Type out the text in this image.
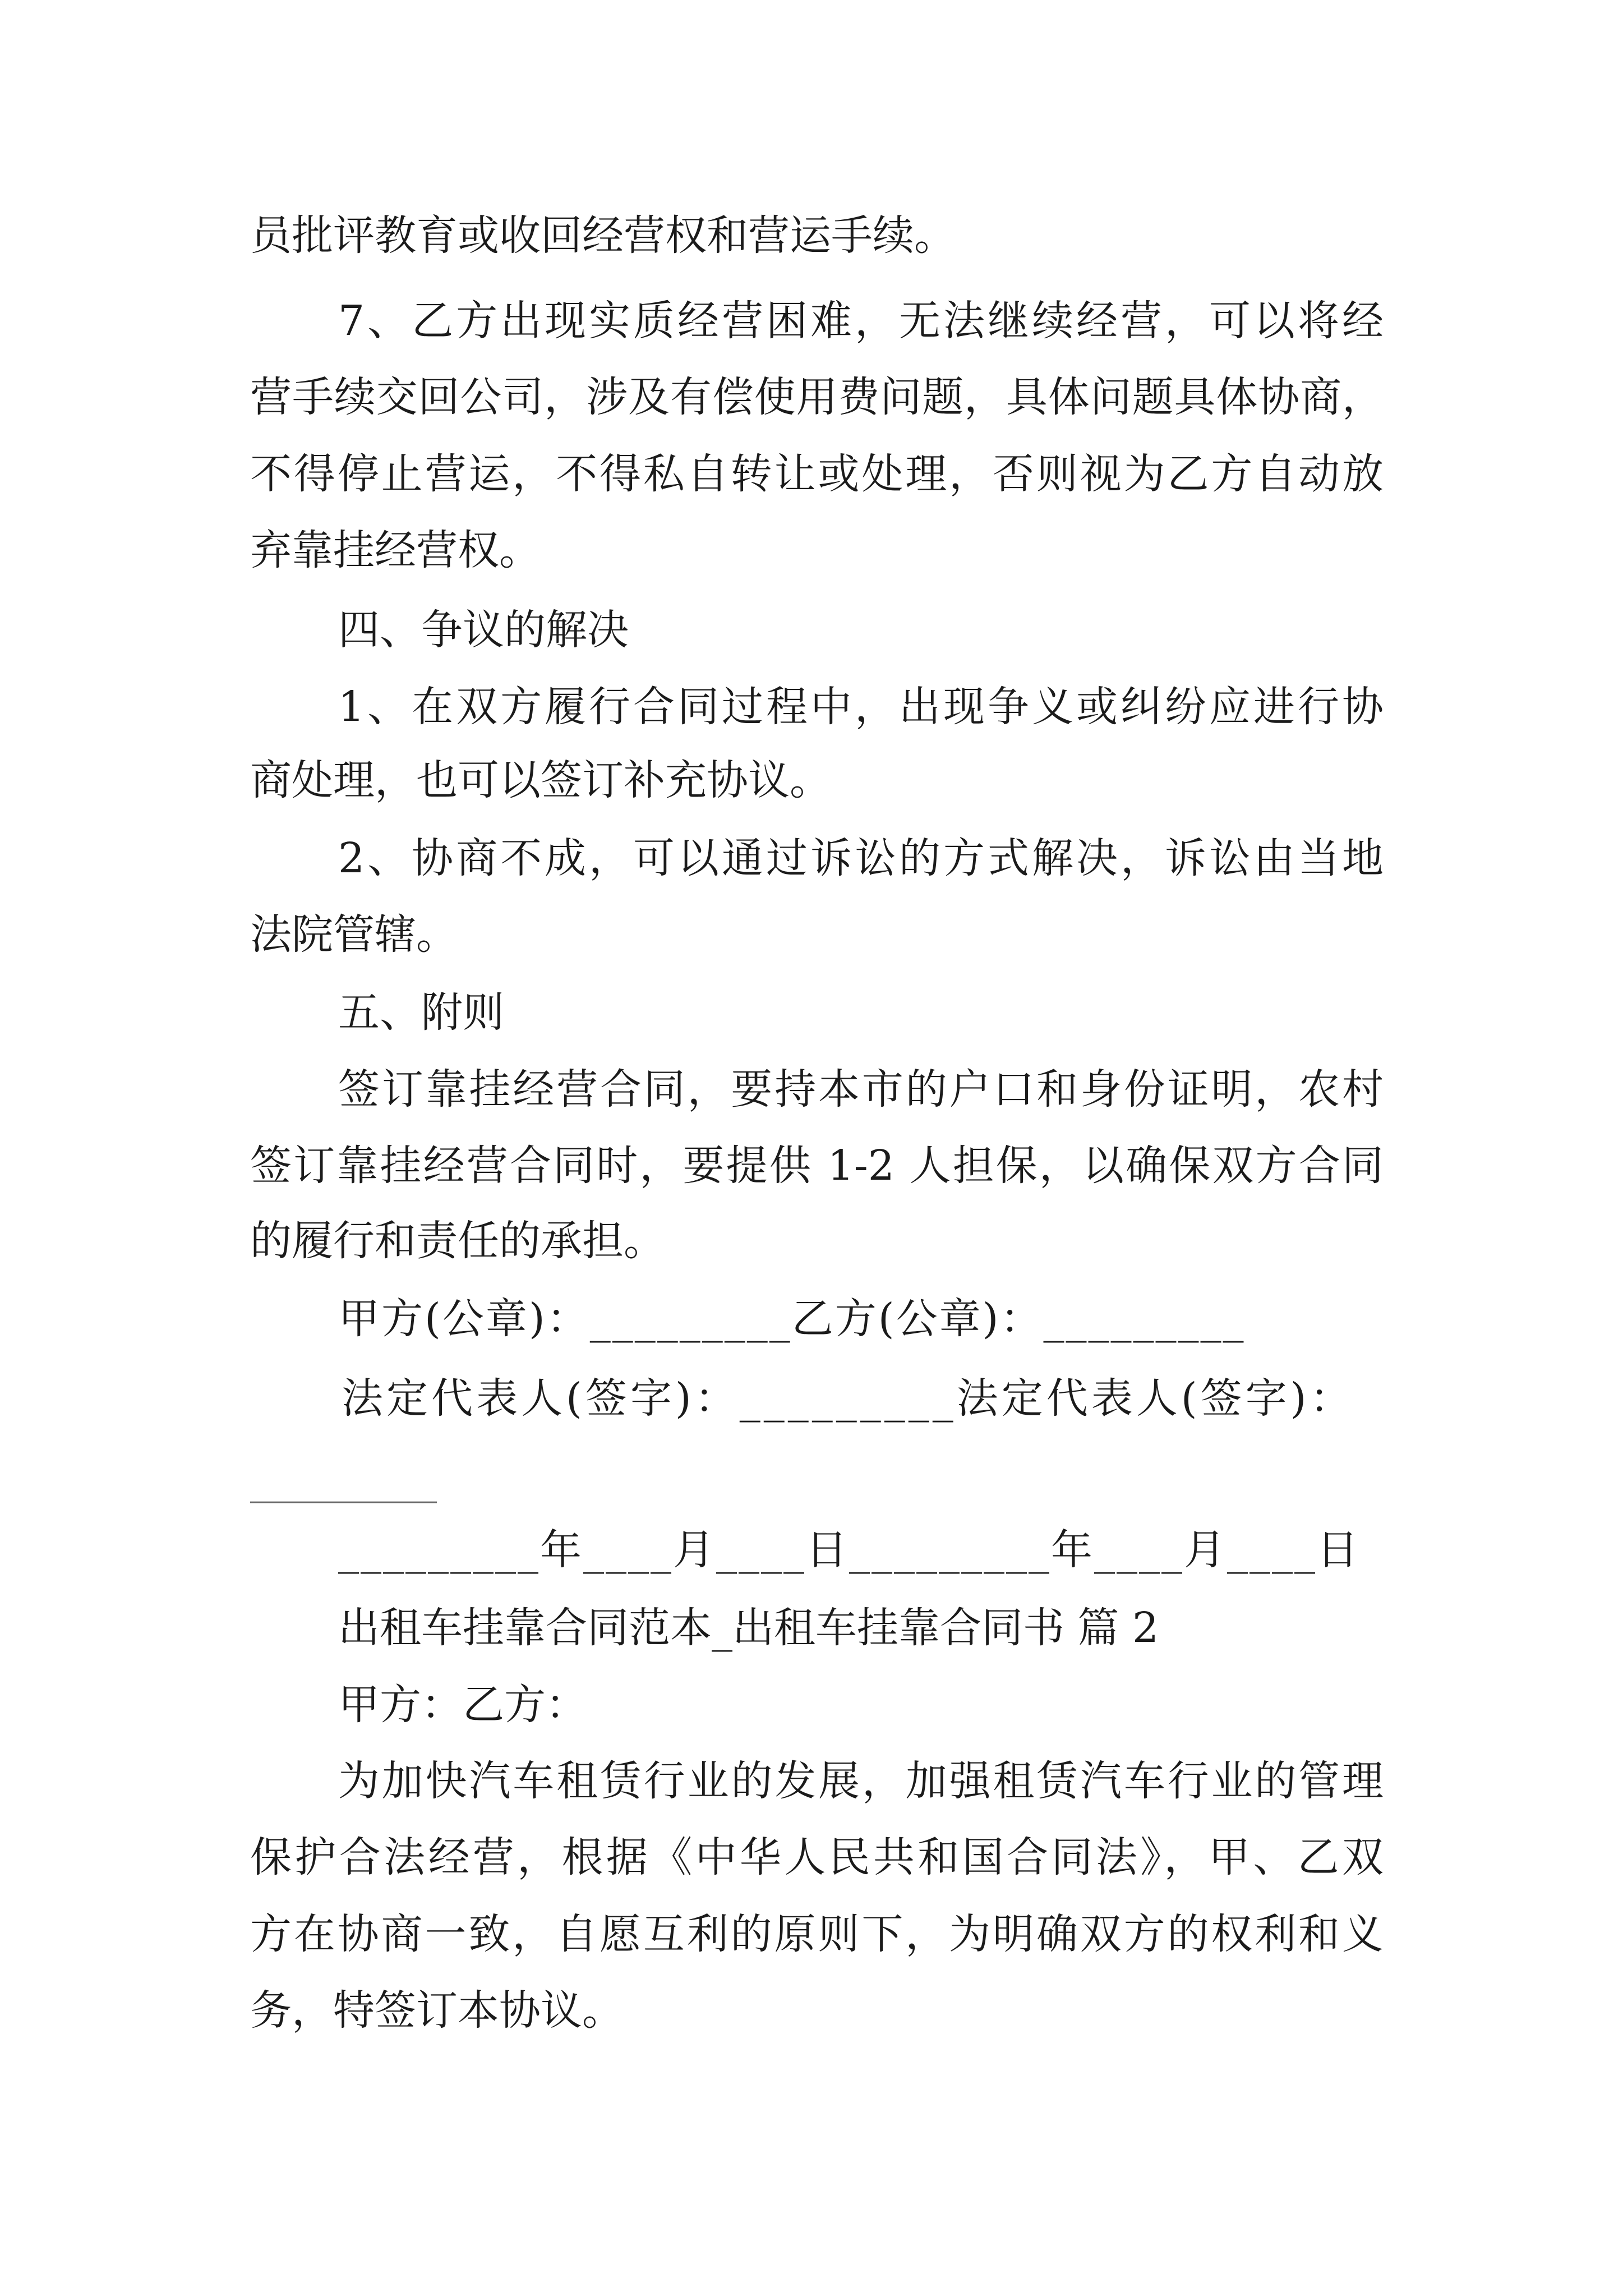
员批评教育或收回经营权和营运手续。
7、乙方出现实质经营困难，无法继续经营，可以将经
营手续交回公司，涉及有偿使用费问题，具体问题具体协商，
不得停止营运，不得私自转让或处理，否则视为乙方自动放
弃靠挂经营权。
四、争议的解决
1、在双方履行合同过程中，出现争义或纠纷应进行协
商处理，也可以签订补充协议。
2、协商不成，可以通过诉讼的方式解决，诉讼由当地
法院管辖。
五、附则
签订靠挂经营合同，要持本市的户口和身份证明，农村
签订靠挂经营合同时，要提供 1-2 人担保，以确保双方合同
的履行和责任的承担。
甲方(公章)：_________乙方(公章)：_________
法定代表人(签字)：_________法定代表人(签字)：
_________
_________年____月____日_________年____月____日
出租车挂靠合同范本_出租车挂靠合同书 篇 2
甲方：乙方：
为加快汽车租赁行业的发展，加强租赁汽车行业的管理
保护合法经营，根据《中华人民共和国合同法》，甲、乙双
方在协商一致，自愿互利的原则下，为明确双方的权利和义
务，特签订本协议。
